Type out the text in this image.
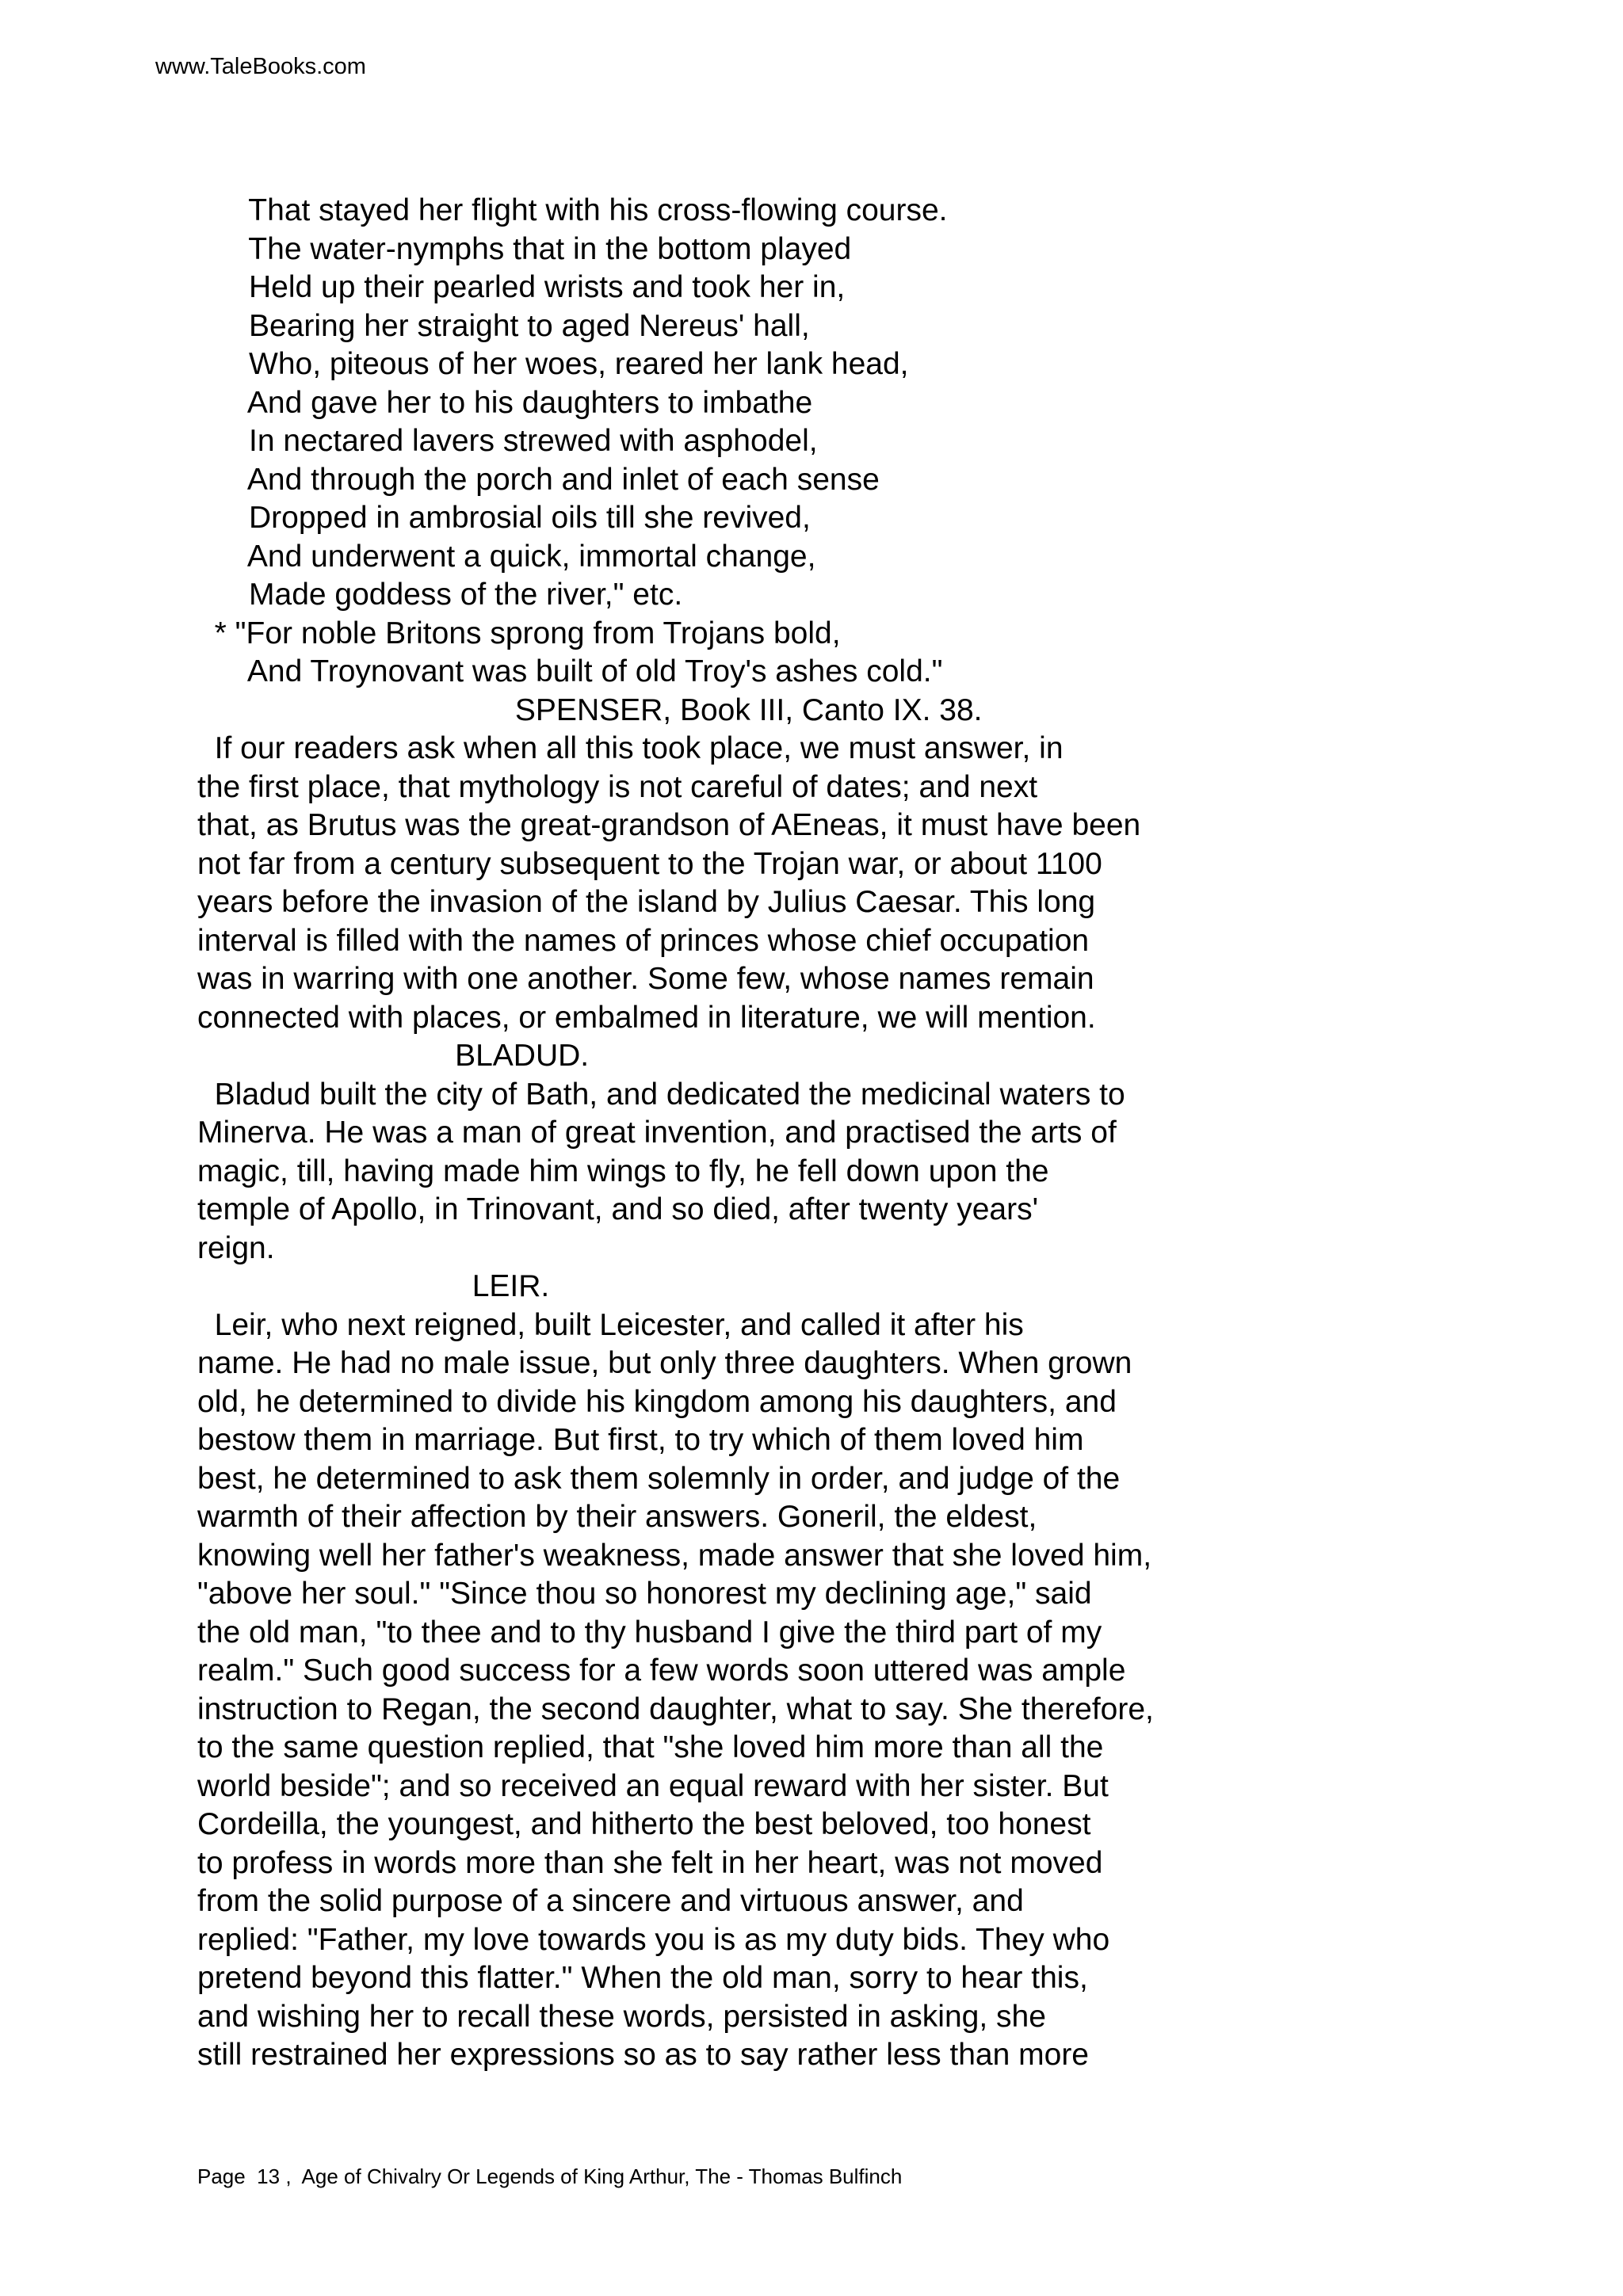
www.TaleBooks.com
That stayed her flight with his cross-flowing course.
The water-nymphs that in the bottom played
Held up their pearled wrists and took her in,
Bearing her straight to aged Nereus' hall,
Who, piteous of her woes, reared her lank head,
And gave her to his daughters to imbathe
In nectared lavers strewed with asphodel,
And through the porch and inlet of each sense
Dropped in ambrosial oils till she revived,
And underwent a quick, immortal change,
Made goddess of the river," etc.
* "For noble Britons sprong from Trojans bold,
And Troynovant was built of old Troy's ashes cold."
SPENSER, Book III, Canto IX. 38.
If our readers ask when all this took place, we must answer, in
the first place, that mythology is not careful of dates; and next
that, as Brutus was the great-grandson of AEneas, it must have been
not far from a century subsequent to the Trojan war, or about 1100
years before the invasion of the island by Julius Caesar. This long
interval is filled with the names of princes whose chief occupation
was in warring with one another. Some few, whose names remain
connected with places, or embalmed in literature, we will mention.
BLADUD.
Bladud built the city of Bath, and dedicated the medicinal waters to
Minerva. He was a man of great invention, and practised the arts of
magic, till, having made him wings to fly, he fell down upon the
temple of Apollo, in Trinovant, and so died, after twenty years'
reign.
LEIR.
Leir, who next reigned, built Leicester, and called it after his
name. He had no male issue, but only three daughters. When grown
old, he determined to divide his kingdom among his daughters, and
bestow them in marriage. But first, to try which of them loved him
best, he determined to ask them solemnly in order, and judge of the
warmth of their affection by their answers. Goneril, the eldest,
knowing well her father's weakness, made answer that she loved him,
"above her soul." "Since thou so honorest my declining age," said
the old man, "to thee and to thy husband I give the third part of my
realm." Such good success for a few words soon uttered was ample
instruction to Regan, the second daughter, what to say. She therefore,
to the same question replied, that "she loved him more than all the
world beside"; and so received an equal reward with her sister. But
Cordeilla, the youngest, and hitherto the best beloved, too honest
to profess in words more than she felt in her heart, was not moved
from the solid purpose of a sincere and virtuous answer, and
replied: "Father, my love towards you is as my duty bids. They who
pretend beyond this flatter." When the old man, sorry to hear this,
and wishing her to recall these words, persisted in asking, she
still restrained her expressions so as to say rather less than more
Page  13 ,  Age of Chivalry Or Legends of King Arthur, The - Thomas Bulfinch
